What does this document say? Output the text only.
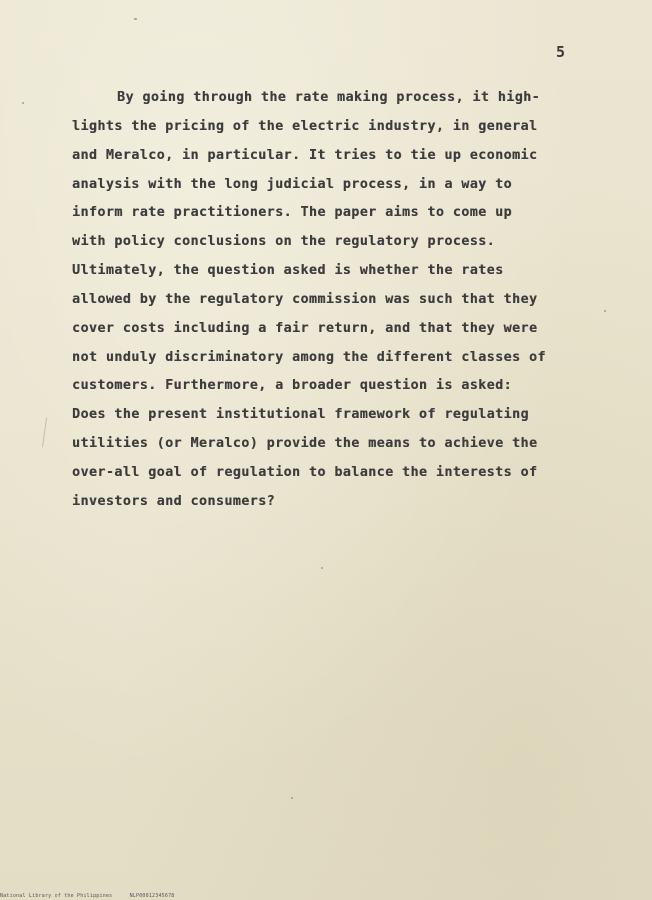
5
By going through the rate making process, it high-
lights the pricing of the electric industry, in general
and Meralco, in particular. It tries to tie up economic
analysis with the long judicial process, in a way to
inform rate practitioners. The paper aims to come up
with policy conclusions on the regulatory process.
Ultimately, the question asked is whether the rates
allowed by the regulatory commission was such that they
cover costs including a fair return, and that they were
not unduly discriminatory among the different classes of
customers. Furthermore, a broader question is asked:
Does the present institutional framework of regulating
utilities (or Meralco) provide the means to achieve the
over-all goal of regulation to balance the interests of
investors and consumers?
National Library of the Philippines	NLP00012345678
